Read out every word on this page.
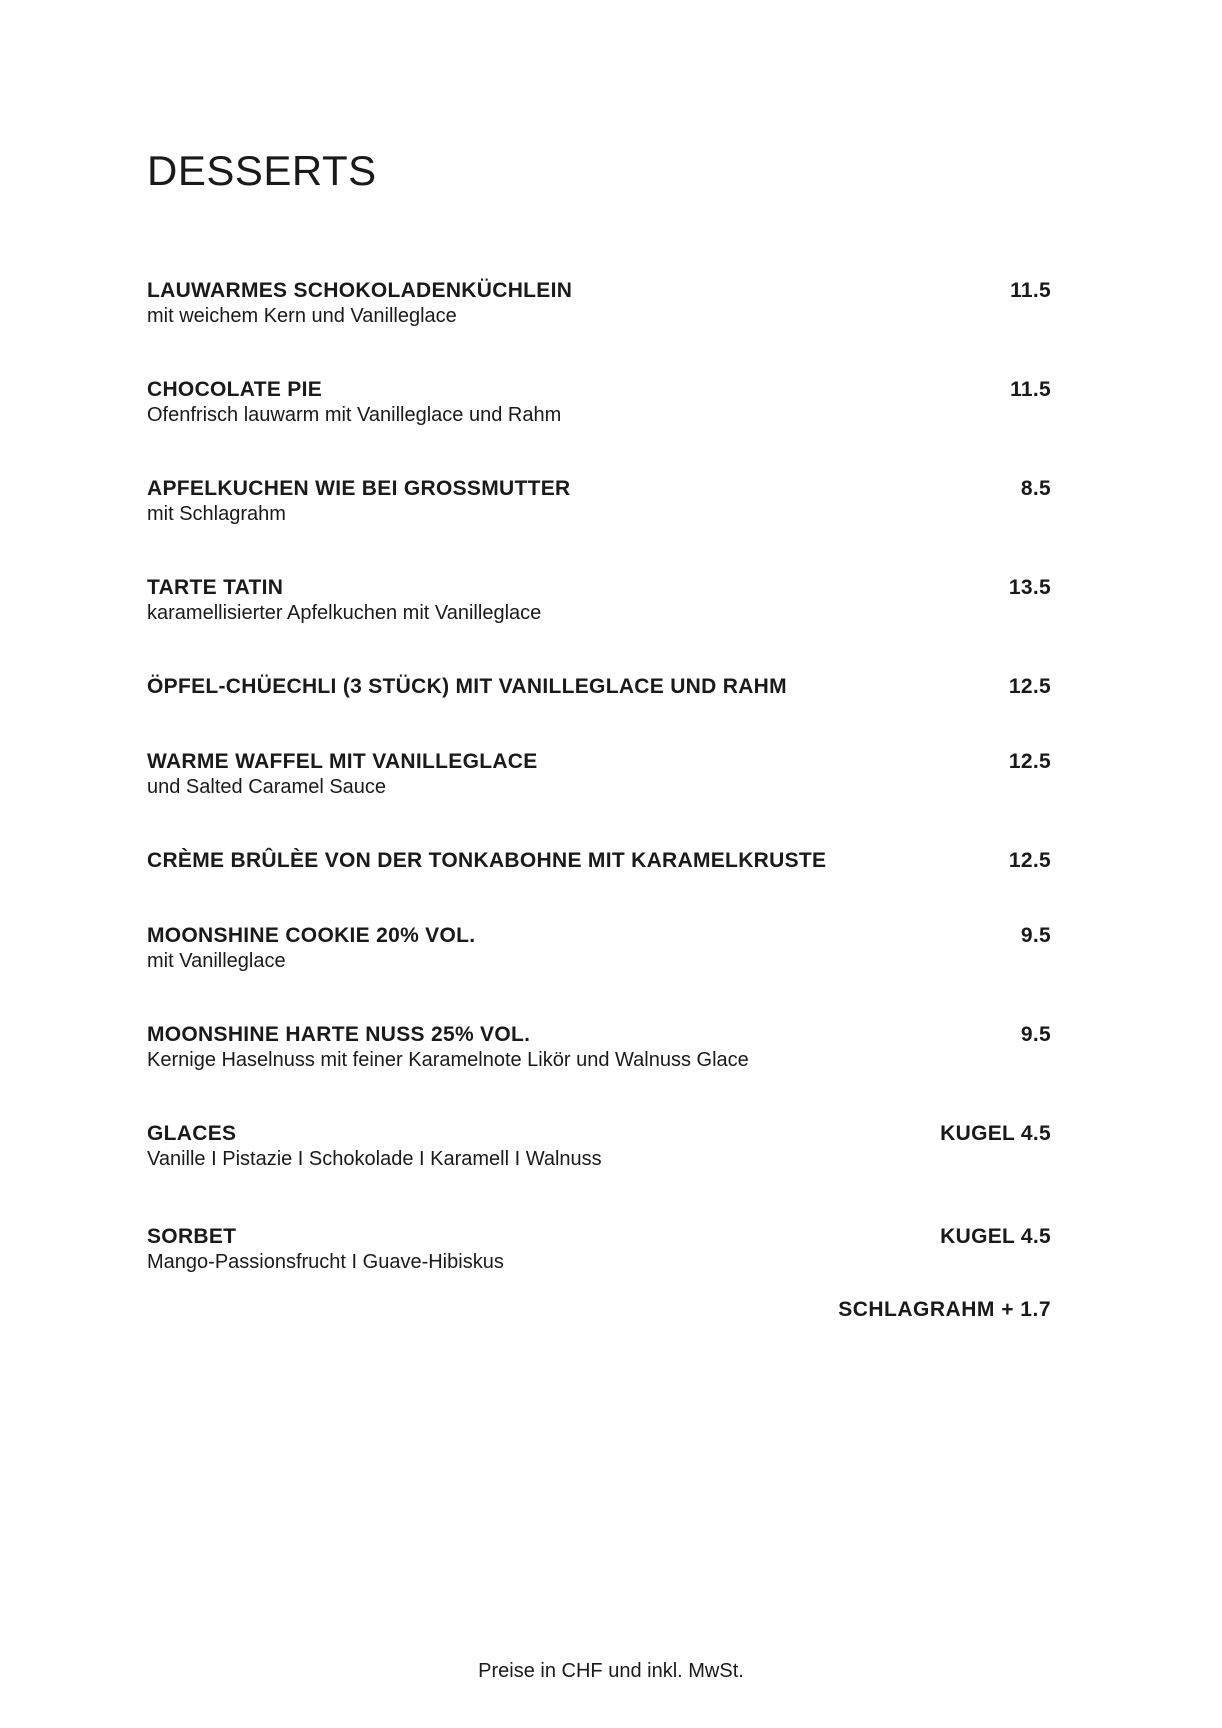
DESSERTS
LAUWARMES SCHOKOLADENKÜCHLEIN	11.5
mit weichem Kern und Vanilleglace
CHOCOLATE PIE	11.5
Ofenfrisch lauwarm mit Vanilleglace und Rahm
APFELKUCHEN WIE BEI GROSSMUTTER	8.5
mit Schlagrahm
TARTE TATIN	13.5
karamellisierter Apfelkuchen mit Vanilleglace
ÖPFEL-CHÜECHLI (3 STÜCK) MIT VANILLEGLACE UND RAHM	12.5
WARME WAFFEL MIT VANILLEGLACE	12.5
und Salted Caramel Sauce
CRÈME BRÛLÈE VON DER TONKABOHNE MIT KARAMELKRUSTE	12.5
MOONSHINE COOKIE 20% VOL.	9.5
mit Vanilleglace
MOONSHINE HARTE NUSS 25% VOL.	9.5
Kernige Haselnuss mit feiner Karamelnote Likör und Walnuss Glace
GLACES	KUGEL 4.5
Vanille I Pistazie I Schokolade I Karamell I Walnuss
SORBET	KUGEL 4.5
Mango-Passionsfrucht I Guave-Hibiskus
SCHLAGRAHM + 1.7
Preise in CHF und inkl. MwSt.
